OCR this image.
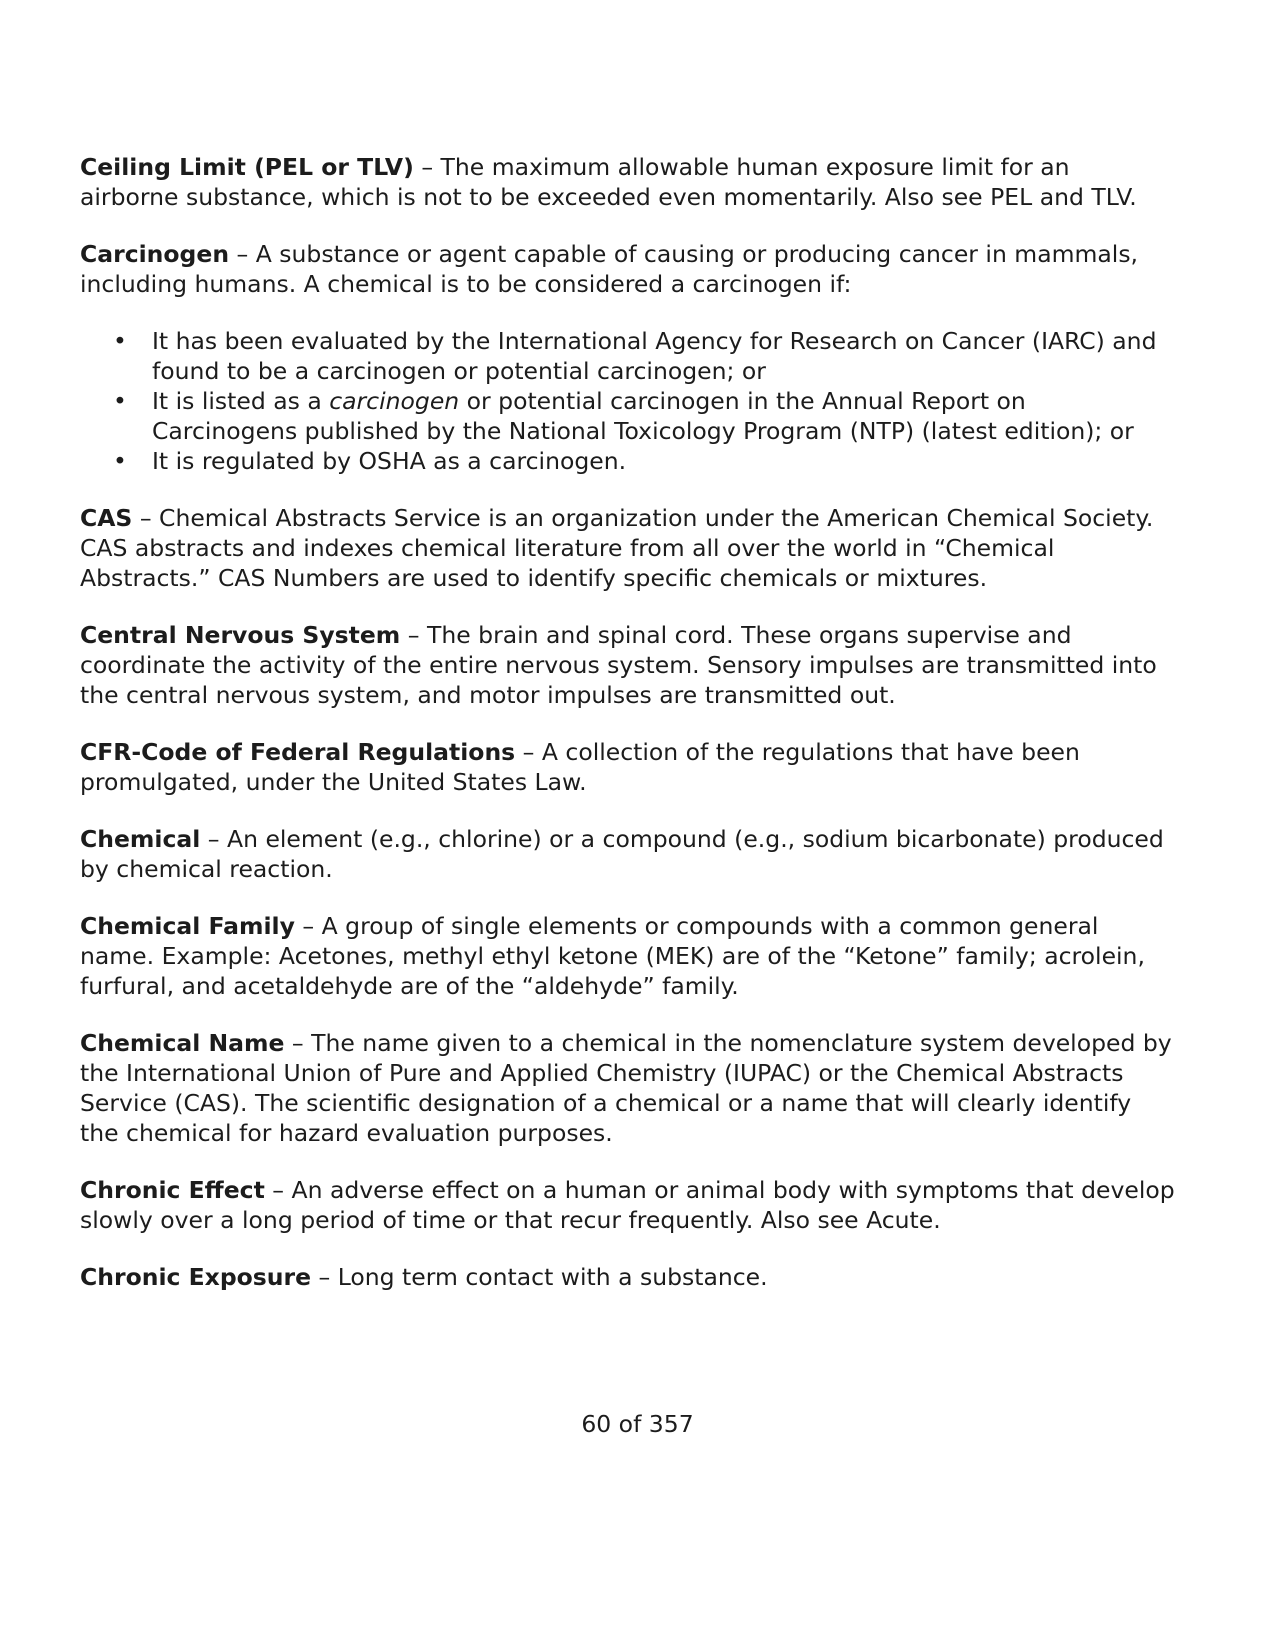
Ceiling Limit (PEL or TLV) – The maximum allowable human exposure limit for an airborne substance, which is not to be exceeded even momentarily. Also see PEL and TLV.

Carcinogen – A substance or agent capable of causing or producing cancer in mammals, including humans. A chemical is to be considered a carcinogen if:

• It has been evaluated by the International Agency for Research on Cancer (IARC) and found to be a carcinogen or potential carcinogen; or
• It is listed as a carcinogen or potential carcinogen in the Annual Report on Carcinogens published by the National Toxicology Program (NTP) (latest edition); or
• It is regulated by OSHA as a carcinogen.

CAS – Chemical Abstracts Service is an organization under the American Chemical Society. CAS abstracts and indexes chemical literature from all over the world in “Chemical Abstracts.” CAS Numbers are used to identify specific chemicals or mixtures.

Central Nervous System – The brain and spinal cord. These organs supervise and coordinate the activity of the entire nervous system. Sensory impulses are transmitted into the central nervous system, and motor impulses are transmitted out.

CFR-Code of Federal Regulations – A collection of the regulations that have been promulgated, under the United States Law.

Chemical – An element (e.g., chlorine) or a compound (e.g., sodium bicarbonate) produced by chemical reaction.

Chemical Family – A group of single elements or compounds with a common general name. Example: Acetones, methyl ethyl ketone (MEK) are of the “Ketone” family; acrolein, furfural, and acetaldehyde are of the “aldehyde” family.

Chemical Name – The name given to a chemical in the nomenclature system developed by the International Union of Pure and Applied Chemistry (IUPAC) or the Chemical Abstracts Service (CAS). The scientific designation of a chemical or a name that will clearly identify the chemical for hazard evaluation purposes.

Chronic Effect – An adverse effect on a human or animal body with symptoms that develop slowly over a long period of time or that recur frequently. Also see Acute.

Chronic Exposure – Long term contact with a substance.

60 of 357
